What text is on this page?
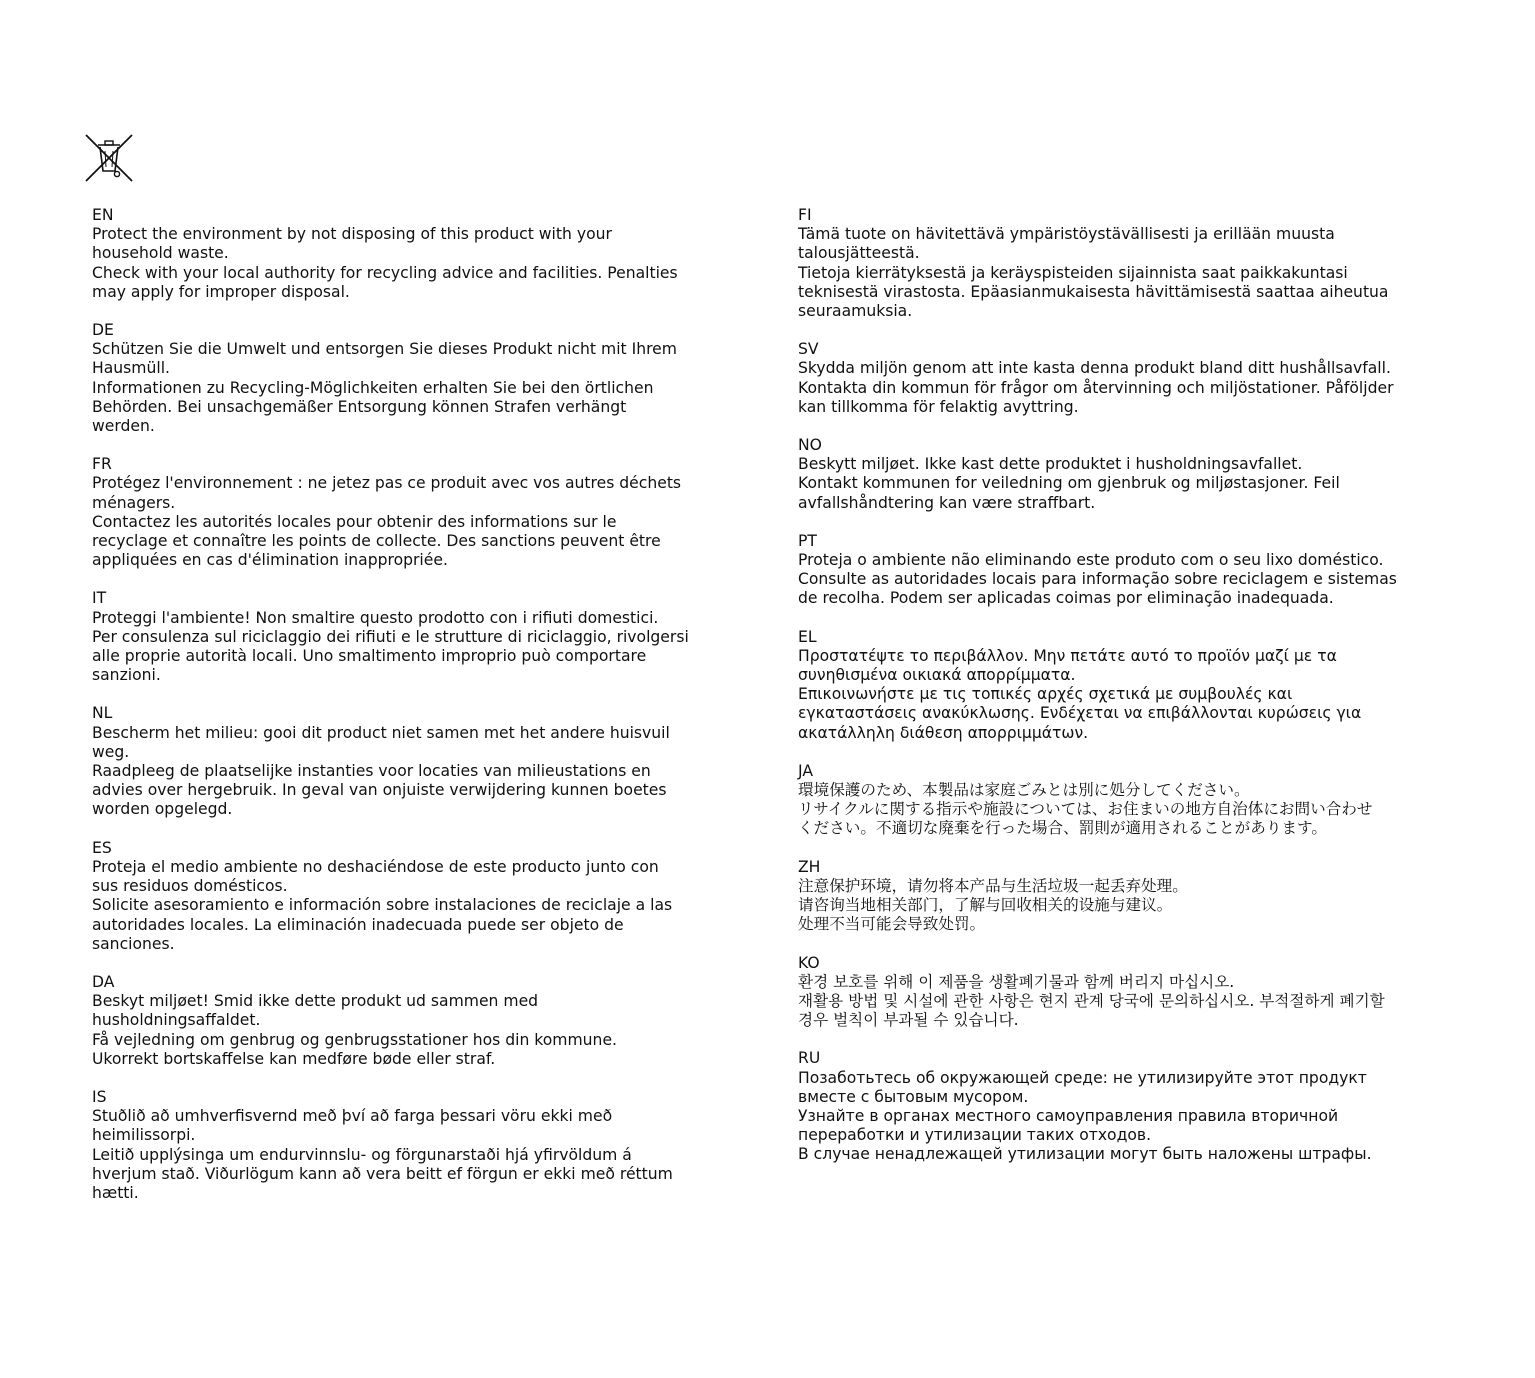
EN
Protect the environment by not disposing of this product with your
household waste.
Check with your local authority for recycling advice and facilities. Penalties
may apply for improper disposal.
DE
Schützen Sie die Umwelt und entsorgen Sie dieses Produkt nicht mit Ihrem
Hausmüll.
Informationen zu Recycling-Möglichkeiten erhalten Sie bei den örtlichen
Behörden. Bei unsachgemäßer Entsorgung können Strafen verhängt
werden.
FR
Protégez l'environnement : ne jetez pas ce produit avec vos autres déchets
ménagers.
Contactez les autorités locales pour obtenir des informations sur le
recyclage et connaître les points de collecte. Des sanctions peuvent être
appliquées en cas d'élimination inappropriée.
IT
Proteggi l'ambiente! Non smaltire questo prodotto con i rifiuti domestici.
Per consulenza sul riciclaggio dei rifiuti e le strutture di riciclaggio, rivolgersi
alle proprie autorità locali. Uno smaltimento improprio può comportare
sanzioni.
NL
Bescherm het milieu: gooi dit product niet samen met het andere huisvuil
weg.
Raadpleeg de plaatselijke instanties voor locaties van milieustations en
advies over hergebruik. In geval van onjuiste verwijdering kunnen boetes
worden opgelegd.
ES
Proteja el medio ambiente no deshaciéndose de este producto junto con
sus residuos domésticos.
Solicite asesoramiento e información sobre instalaciones de reciclaje a las
autoridades locales. La eliminación inadecuada puede ser objeto de
sanciones.
DA
Beskyt miljøet! Smid ikke dette produkt ud sammen med
husholdningsaffaldet.
Få vejledning om genbrug og genbrugsstationer hos din kommune.
Ukorrekt bortskaffelse kan medføre bøde eller straf.
IS
Stuðlið að umhverfisvernd með því að farga þessari vöru ekki með
heimilissorpi.
Leitið upplýsinga um endurvinnslu- og förgunarstaði hjá yfirvöldum á
hverjum stað. Viðurlögum kann að vera beitt ef förgun er ekki með réttum
hætti.
FI
Tämä tuote on hävitettävä ympäristöystävällisesti ja erillään muusta
talousjätteestä.
Tietoja kierrätyksestä ja keräyspisteiden sijainnista saat paikkakuntasi
teknisestä virastosta. Epäasianmukaisesta hävittämisestä saattaa aiheutua
seuraamuksia.
SV
Skydda miljön genom att inte kasta denna produkt bland ditt hushållsavfall.
Kontakta din kommun för frågor om återvinning och miljöstationer. Påföljder
kan tillkomma för felaktig avyttring.
NO
Beskytt miljøet. Ikke kast dette produktet i husholdningsavfallet.
Kontakt kommunen for veiledning om gjenbruk og miljøstasjoner. Feil
avfallshåndtering kan være straffbart.
PT
Proteja o ambiente não eliminando este produto com o seu lixo doméstico.
Consulte as autoridades locais para informação sobre reciclagem e sistemas
de recolha. Podem ser aplicadas coimas por eliminação inadequada.
EL
Προστατέψτε το περιβάλλον. Μην πετάτε αυτό το προϊόν μαζί με τα
συνηθισμένα οικιακά απορρίμματα.
Επικοινωνήστε με τις τοπικές αρχές σχετικά με συμβουλές και
εγκαταστάσεις ανακύκλωσης. Ενδέχεται να επιβάλλονται κυρώσεις για
ακατάλληλη διάθεση απορριμμάτων.
JA
環境保護のため、本製品は家庭ごみとは別に処分してください。
リサイクルに関する指示や施設については、お住まいの地方自治体にお問い合わせ
ください。不適切な廃棄を行った場合、罰則が適用されることがあります。
ZH
注意保护环境，请勿将本产品与生活垃圾一起丢弃处理。
请咨询当地相关部门，了解与回收相关的设施与建议。
处理不当可能会导致处罚。
KO
환경 보호를 위해 이 제품을 생활폐기물과 함께 버리지 마십시오.
재활용 방법 및 시설에 관한 사항은 현지 관계 당국에 문의하십시오. 부적절하게 폐기할
경우 벌칙이 부과될 수 있습니다.
RU
Позаботьтесь об окружающей среде: не утилизируйте этот продукт
вместе с бытовым мусором.
Узнайте в органах местного самоуправления правила вторичной
переработки и утилизации таких отходов.
В случае ненадлежащей утилизации могут быть наложены штрафы.
